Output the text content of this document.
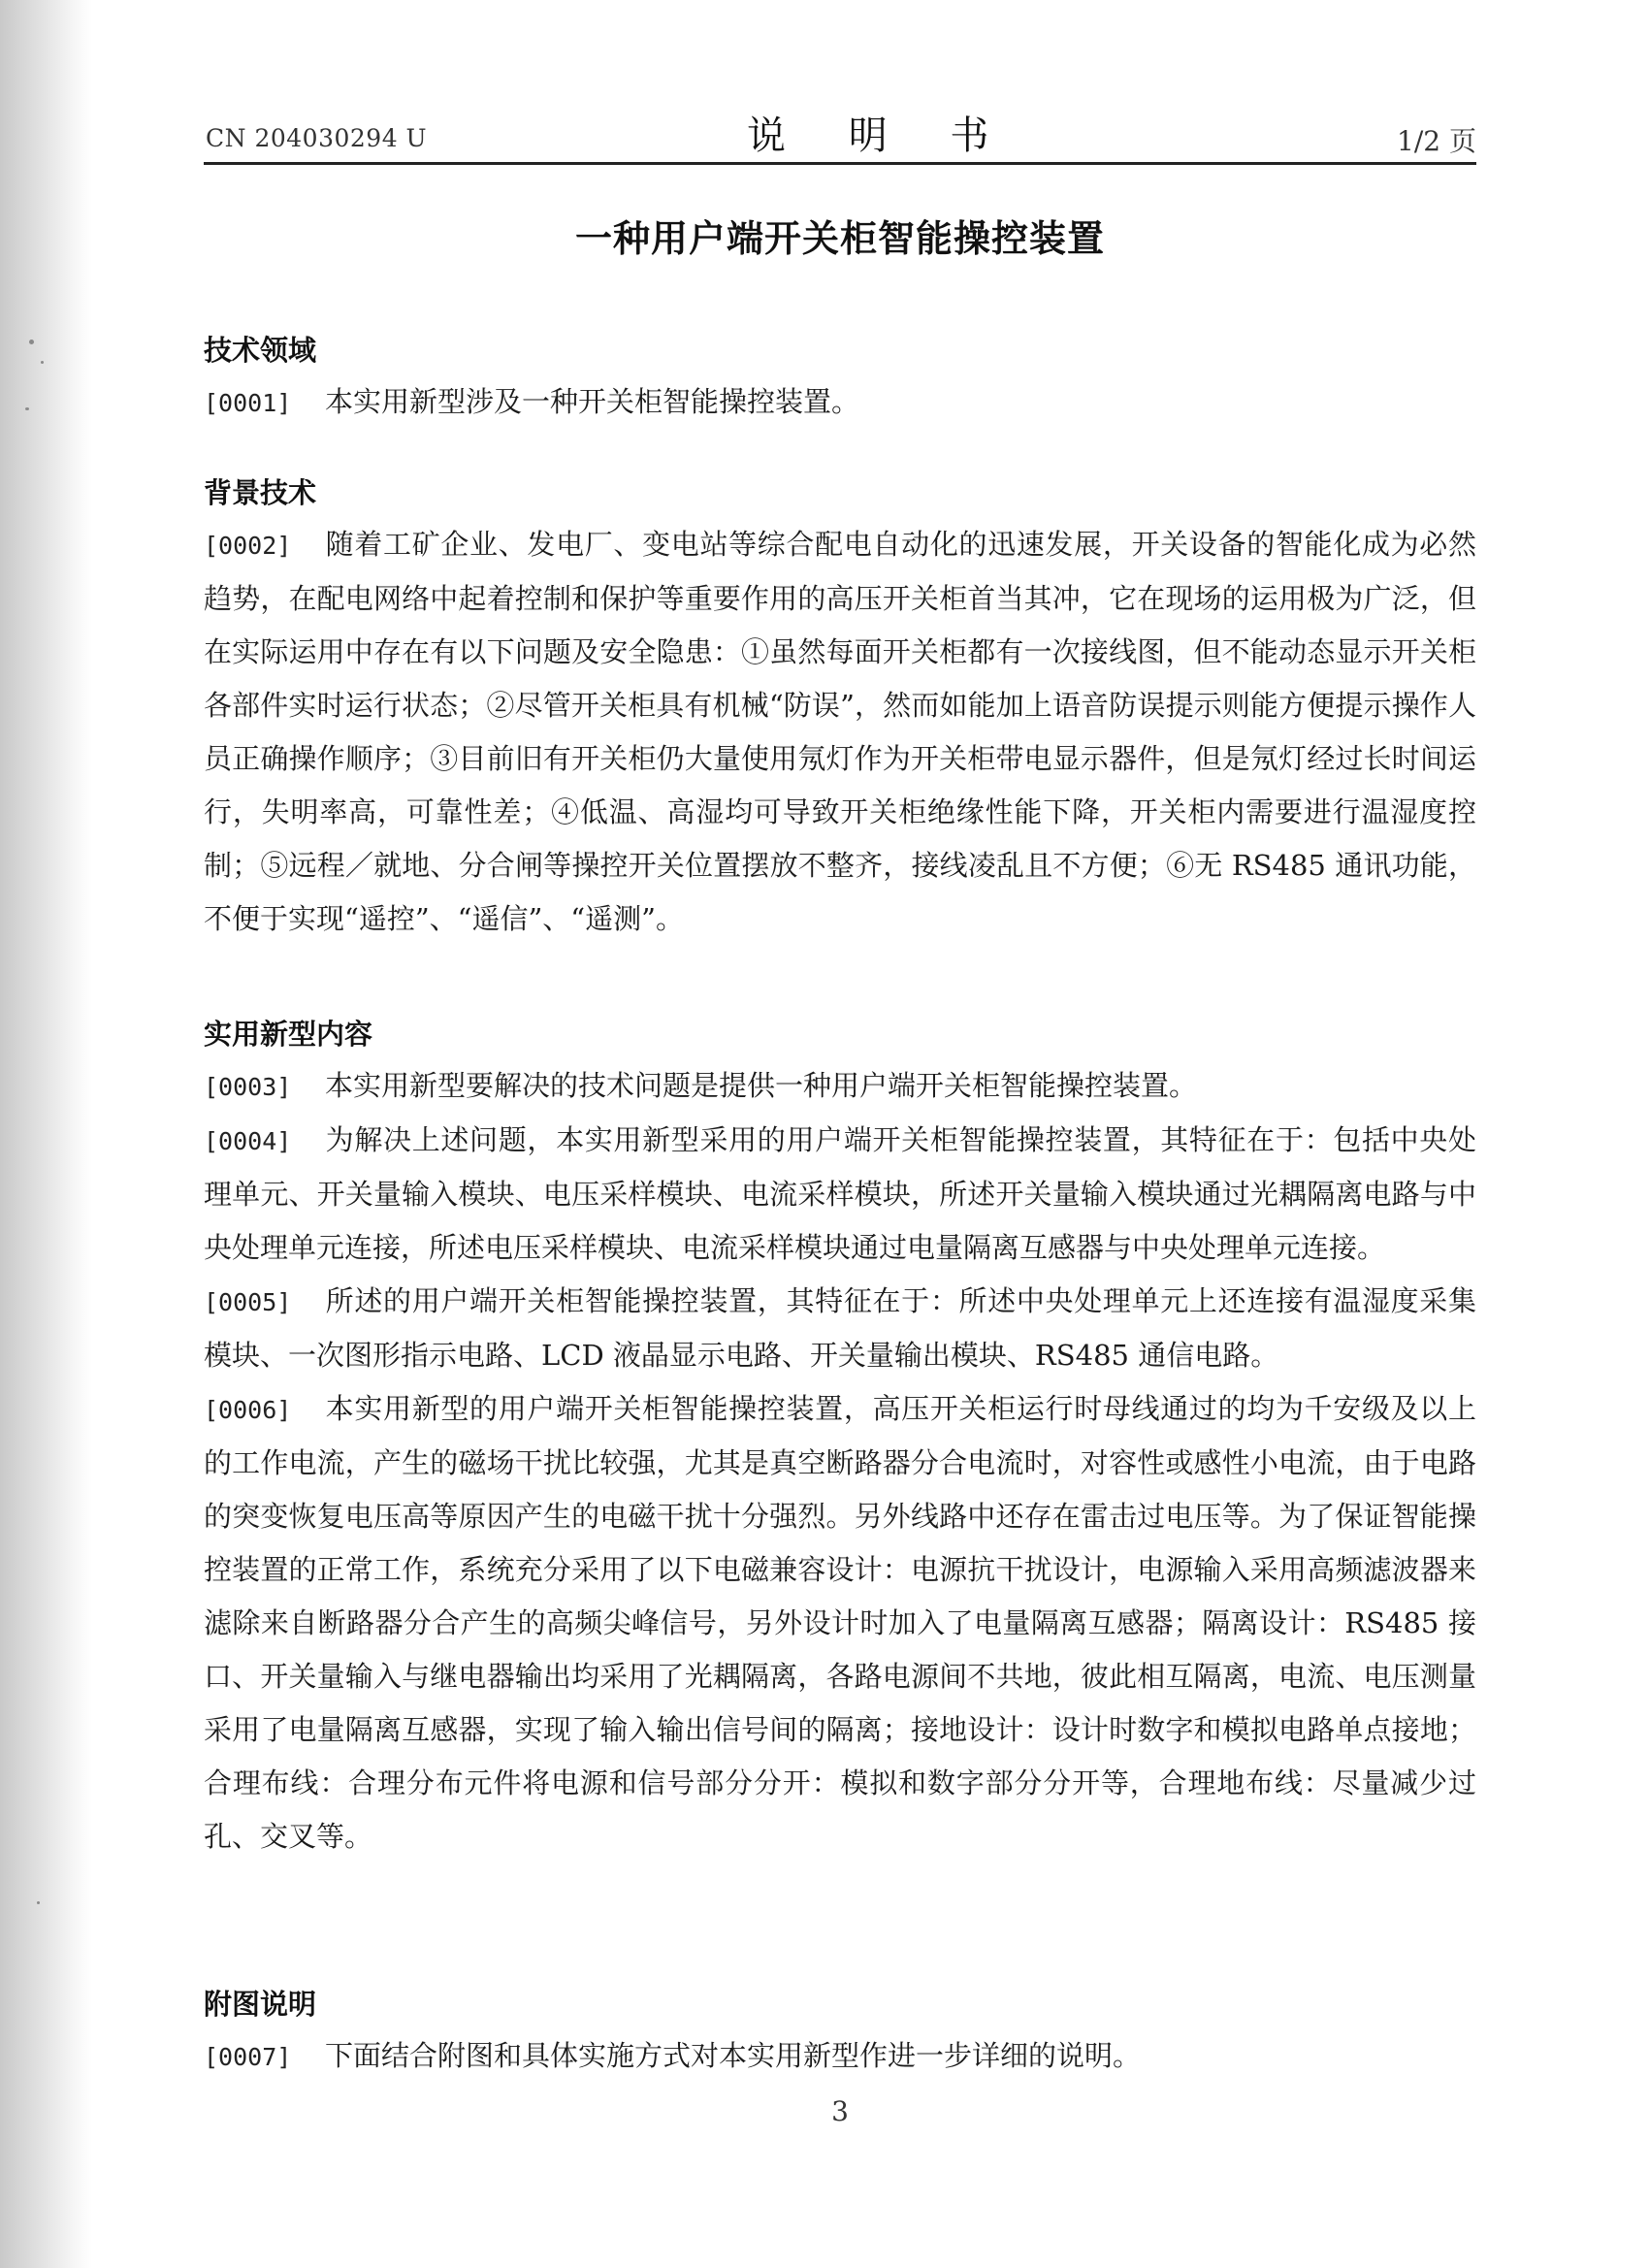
CN 204030294 U	说 明 书	1/2 页
一种用户端开关柜智能操控装置
技术领域
[0001] 本实用新型涉及一种开关柜智能操控装置。
背景技术
[0002] 随着工矿企业、发电厂、变电站等综合配电自动化的迅速发展，开关设备的智能化成为必然趋势，在配电网络中起着控制和保护等重要作用的高压开关柜首当其冲，它在现场的运用极为广泛，但在实际运用中存在有以下问题及安全隐患：①虽然每面开关柜都有一次接线图，但不能动态显示开关柜各部件实时运行状态；②尽管开关柜具有机械“防误”，然而如能加上语音防误提示则能方便提示操作人员正确操作顺序；③目前旧有开关柜仍大量使用氖灯作为开关柜带电显示器件，但是氖灯经过长时间运行，失明率高，可靠性差；④低温、高湿均可导致开关柜绝缘性能下降，开关柜内需要进行温湿度控制；⑤远程／就地、分合闸等操控开关位置摆放不整齐，接线凌乱且不方便；⑥无 RS485 通讯功能，不便于实现“遥控”、“遥信”、“遥测”。
实用新型内容
[0003] 本实用新型要解决的技术问题是提供一种用户端开关柜智能操控装置。
[0004] 为解决上述问题，本实用新型采用的用户端开关柜智能操控装置，其特征在于：包括中央处理单元、开关量输入模块、电压采样模块、电流采样模块，所述开关量输入模块通过光耦隔离电路与中央处理单元连接，所述电压采样模块、电流采样模块通过电量隔离互感器与中央处理单元连接。
[0005] 所述的用户端开关柜智能操控装置，其特征在于：所述中央处理单元上还连接有温湿度采集模块、一次图形指示电路、LCD 液晶显示电路、开关量输出模块、RS485 通信电路。
[0006] 本实用新型的用户端开关柜智能操控装置，高压开关柜运行时母线通过的均为千安级及以上的工作电流，产生的磁场干扰比较强，尤其是真空断路器分合电流时，对容性或感性小电流，由于电路的突变恢复电压高等原因产生的电磁干扰十分强烈。另外线路中还存在雷击过电压等。为了保证智能操控装置的正常工作，系统充分采用了以下电磁兼容设计：电源抗干扰设计，电源输入采用高频滤波器来滤除来自断路器分合产生的高频尖峰信号，另外设计时加入了电量隔离互感器；隔离设计：RS485 接口、开关量输入与继电器输出均采用了光耦隔离，各路电源间不共地，彼此相互隔离，电流、电压测量采用了电量隔离互感器，实现了输入输出信号间的隔离；接地设计：设计时数字和模拟电路单点接地；合理布线：合理分布元件将电源和信号部分分开：模拟和数字部分分开等，合理地布线：尽量减少过孔、交叉等。
附图说明
[0007] 下面结合附图和具体实施方式对本实用新型作进一步详细的说明。
3
